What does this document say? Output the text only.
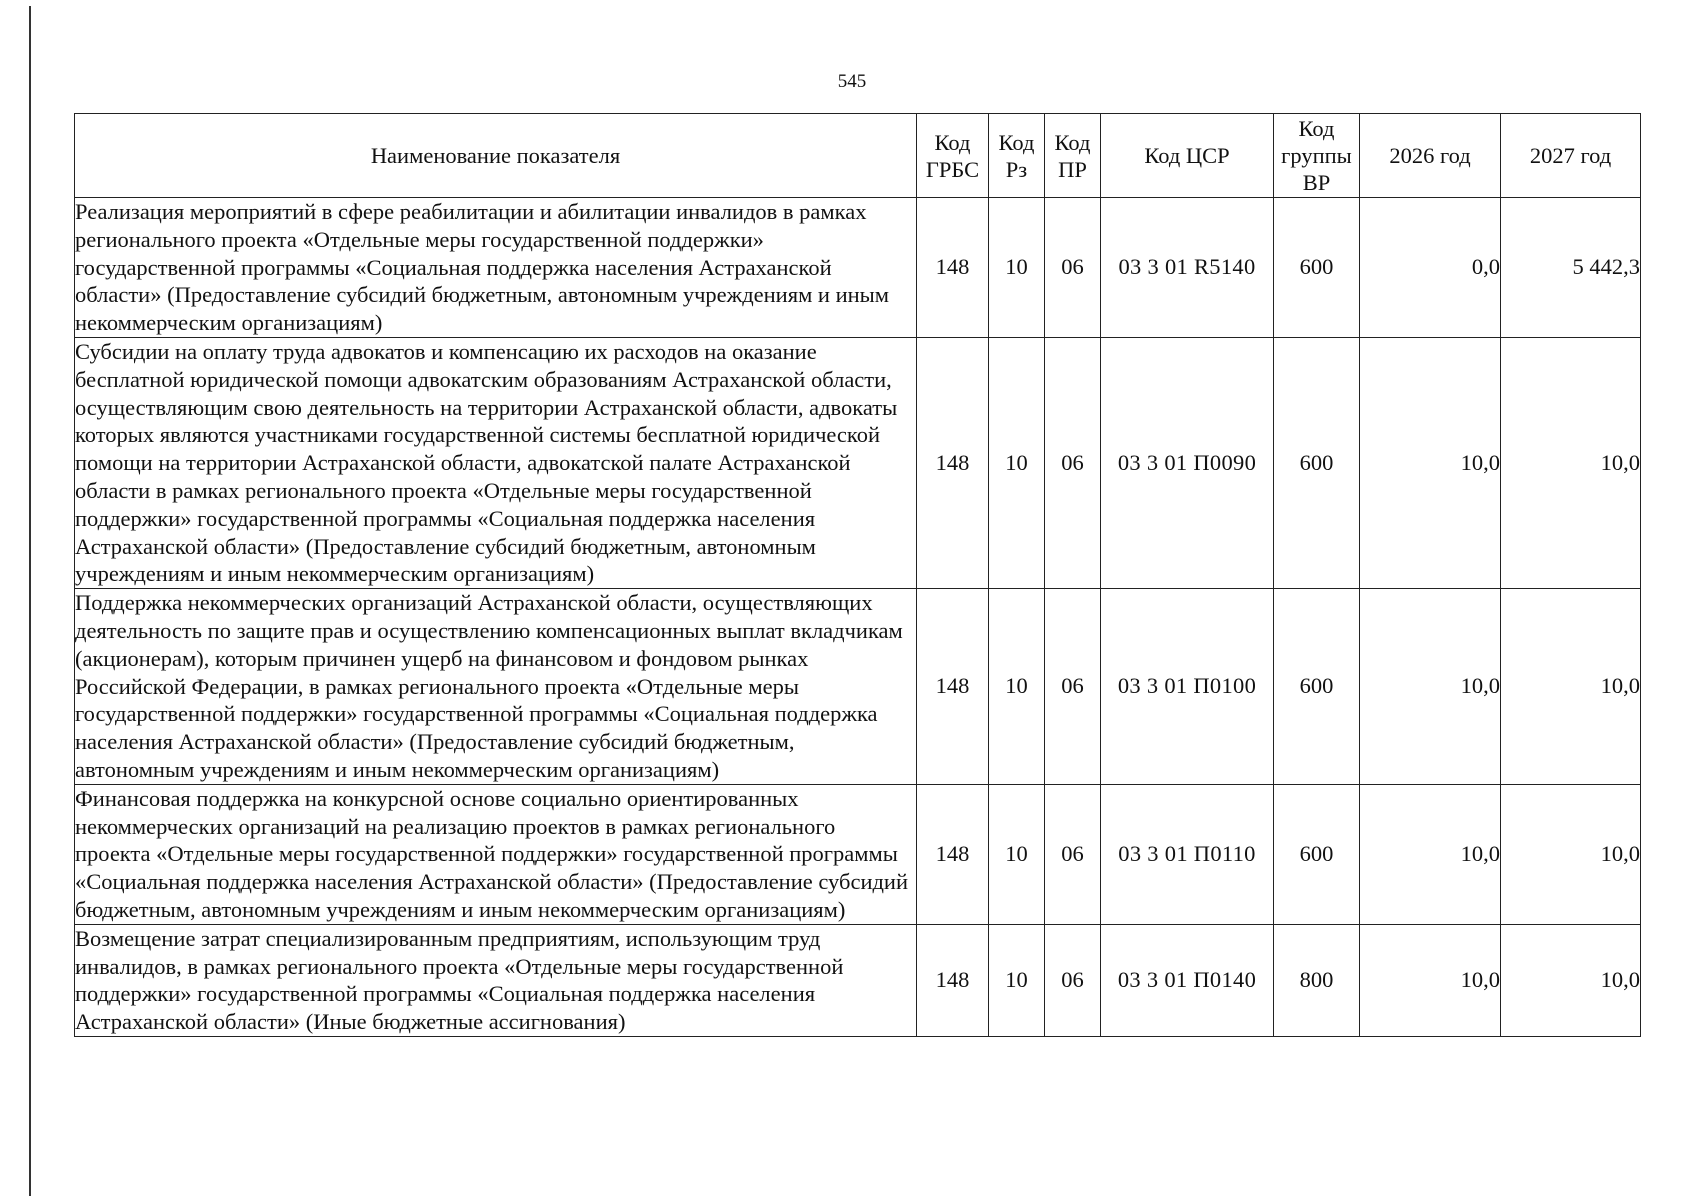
545
Наименование показателя	Код ГРБС	Код Рз	Код ПР	Код ЦСР	Код группы ВР	2026 год	2027 год
Реализация мероприятий в сфере реабилитации и абилитации инвалидов в рамках регионального проекта «Отдельные меры государственной поддержки» государственной программы «Социальная поддержка населения Астраханской области» (Предоставление субсидий бюджетным, автономным учреждениям и иным некоммерческим организациям)	148	10	06	03 3 01 R5140	600	0,0	5 442,3
Субсидии на оплату труда адвокатов и компенсацию их расходов на оказание бесплатной юридической помощи адвокатским образованиям Астраханской области, осуществляющим свою деятельность на территории Астраханской области, адвокаты которых являются участниками государственной системы бесплатной юридической помощи на территории Астраханской области, адвокатской палате Астраханской области в рамках регионального проекта «Отдельные меры государственной поддержки» государственной программы «Социальная поддержка населения Астраханской области» (Предоставление субсидий бюджетным, автономным учреждениям и иным некоммерческим организациям)	148	10	06	03 3 01 П0090	600	10,0	10,0
Поддержка некоммерческих организаций Астраханской области, осуществляющих деятельность по защите прав и осуществлению компенсационных выплат вкладчикам (акционерам), которым причинен ущерб на финансовом и фондовом рынках Российской Федерации, в рамках регионального проекта «Отдельные меры государственной поддержки» государственной программы «Социальная поддержка населения Астраханской области» (Предоставление субсидий бюджетным, автономным учреждениям и иным некоммерческим организациям)	148	10	06	03 3 01 П0100	600	10,0	10,0
Финансовая поддержка на конкурсной основе социально ориентированных некоммерческих организаций на реализацию проектов в рамках регионального проекта «Отдельные меры государственной поддержки» государственной программы «Социальная поддержка населения Астраханской области» (Предоставление субсидий бюджетным, автономным учреждениям и иным некоммерческим организациям)	148	10	06	03 3 01 П0110	600	10,0	10,0
Возмещение затрат специализированным предприятиям, использующим труд инвалидов, в рамках регионального проекта «Отдельные меры государственной поддержки» государственной программы «Социальная поддержка населения Астраханской области» (Иные бюджетные ассигнования)	148	10	06	03 3 01 П0140	800	10,0	10,0
